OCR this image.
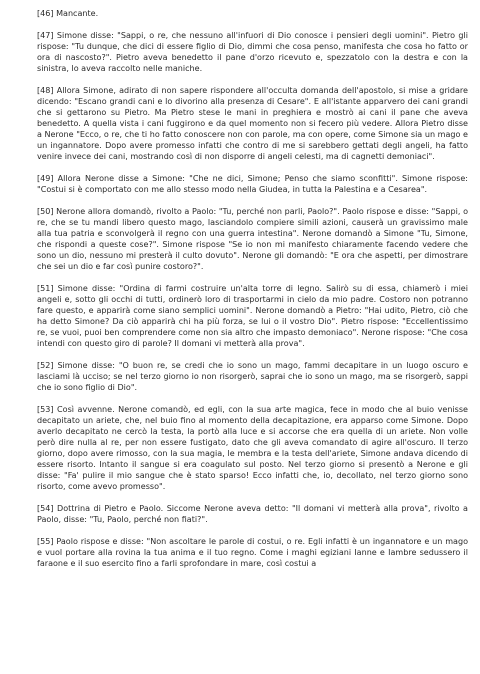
[46] Mancante.

[47] Simone disse: "Sappi, o re, che nessuno all'infuori di Dio conosce i pensieri degli uomini". Pietro gli rispose: "Tu dunque, che dici di essere figlio di Dio, dimmi che cosa penso, manifesta che cosa ho fatto or ora di nascosto?". Pietro aveva benedetto il pane d'orzo ricevuto e, spezzatolo con la destra e con la sinistra, lo aveva raccolto nelle maniche.

[48] Allora Simone, adirato di non sapere rispondere all'occulta domanda dell'apostolo, si mise a gridare dicendo: "Escano grandi cani e lo divorino alla presenza di Cesare". E all'istante apparvero dei cani grandi che si gettarono su Pietro. Ma Pietro stese le mani in preghiera e mostrò ai cani il pane che aveva benedetto. A quella vista i cani fuggirono e da quel momento non si fecero più vedere. Allora Pietro disse a Nerone "Ecco, o re, che ti ho fatto conoscere non con parole, ma con opere, come Simone sia un mago e un ingannatore. Dopo avere promesso infatti che contro di me si sarebbero gettati degli angeli, ha fatto venire invece dei cani, mostrando così di non disporre di angeli celesti, ma di cagnetti demoniaci".

[49] Allora Nerone disse a Simone: "Che ne dici, Simone; Penso che siamo sconfitti". Simone rispose: "Costui si è comportato con me allo stesso modo nella Giudea, in tutta la Palestina e a Cesarea".

[50] Nerone allora domandò, rivolto a Paolo: "Tu, perché non parli, Paolo?". Paolo rispose e disse: "Sappi, o re, che se tu mandi libero questo mago, lasciandolo compiere simili azioni, causerà un gravissimo male alla tua patria e sconvolgerà il regno con una guerra intestina". Nerone domandò a Simone "Tu, Simone, che rispondi a queste cose?". Simone rispose "Se io non mi manifesto chiaramente facendo vedere che sono un dio, nessuno mi presterà il culto dovuto". Nerone gli domandò: "E ora che aspetti, per dimostrare che sei un dio e far così punire costoro?".

[51] Simone disse: "Ordina di farmi costruire un'alta torre di legno. Salirò su di essa, chiamerò i miei angeli e, sotto gli occhi di tutti, ordinerò loro di trasportarmi in cielo da mio padre. Costoro non potranno fare questo, e apparirà come siano semplici uomini". Nerone domandò a Pietro: "Hai udito, Pietro, ciò che ha detto Simone? Da ciò apparirà chi ha più forza, se lui o il vostro Dio". Pietro rispose: "Eccellentissimo re, se vuoi, puoi ben comprendere come non sia altro che impasto demoniaco". Nerone rispose: "Che cosa intendi con questo giro di parole? Il domani vi metterà alla prova".

[52] Simone disse: "O buon re, se credi che io sono un mago, fammi decapitare in un luogo oscuro e lasciami là ucciso; se nel terzo giorno io non risorgerò, saprai che io sono un mago, ma se risorgerò, sappi che io sono figlio di Dio".

[53] Così avvenne. Nerone comandò, ed egli, con la sua arte magica, fece in modo che al buio venisse decapitato un ariete, che, nel buio fino al momento della decapitazione, era apparso come Simone. Dopo averlo decapitato ne cercò la testa, la portò alla luce e si accorse che era quella di un ariete. Non volle però dire nulla al re, per non essere fustigato, dato che gli aveva comandato di agire all'oscuro. Il terzo giorno, dopo avere rimosso, con la sua magia, le membra e la testa dell'ariete, Simone andava dicendo di essere risorto. Intanto il sangue si era coagulato sul posto. Nel terzo giorno si presentò a Nerone e gli disse: "Fa' pulire il mio sangue che è stato sparso! Ecco infatti che, io, decollato, nel terzo giorno sono risorto, come avevo promesso".

[54] Dottrina di Pietro e Paolo. Siccome Nerone aveva detto: "Il domani vi metterà alla prova", rivolto a Paolo, disse: "Tu, Paolo, perché non fiati?".

[55] Paolo rispose e disse: "Non ascoltare le parole di costui, o re. Egli infatti è un ingannatore e un mago e vuol portare alla rovina la tua anima e il tuo regno. Come i maghi egiziani Ianne e Iambre sedussero il faraone e il suo esercito fino a farli sprofondare in mare, così costui a
